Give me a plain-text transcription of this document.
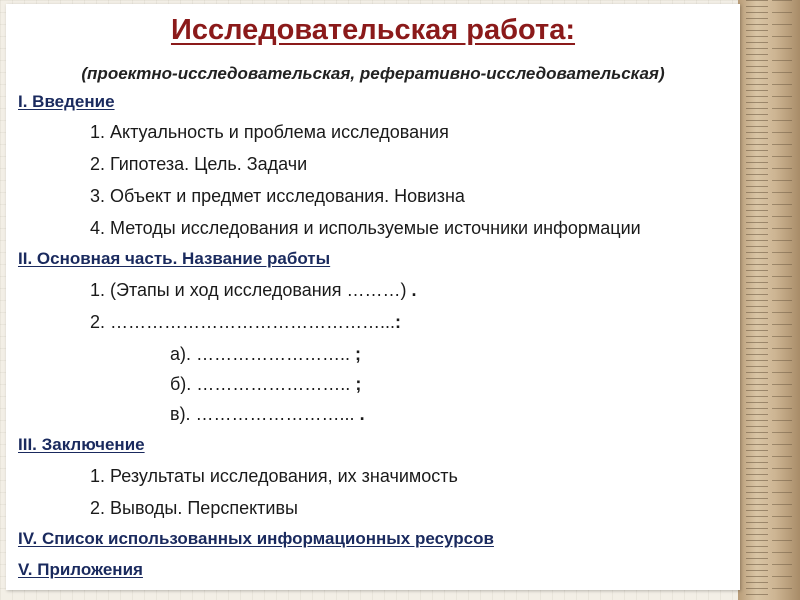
Исследовательская работа:
(проектно-исследовательская, реферативно-исследовательская)
I. Введение
1. Актуальность и проблема исследования
2. Гипотеза. Цель. Задачи
3. Объект и предмет исследования. Новизна
4. Методы исследования и используемые источники информации
II. Основная часть. Название работы
1. (Этапы и ход исследования ………) .
2. ………………………………………...:
а). …………………….. ;
б). …………………….. ;
в). ……………………... .
III. Заключение
1. Результаты исследования, их значимость
2. Выводы. Перспективы
IV. Список использованных информационных ресурсов
V. Приложения
